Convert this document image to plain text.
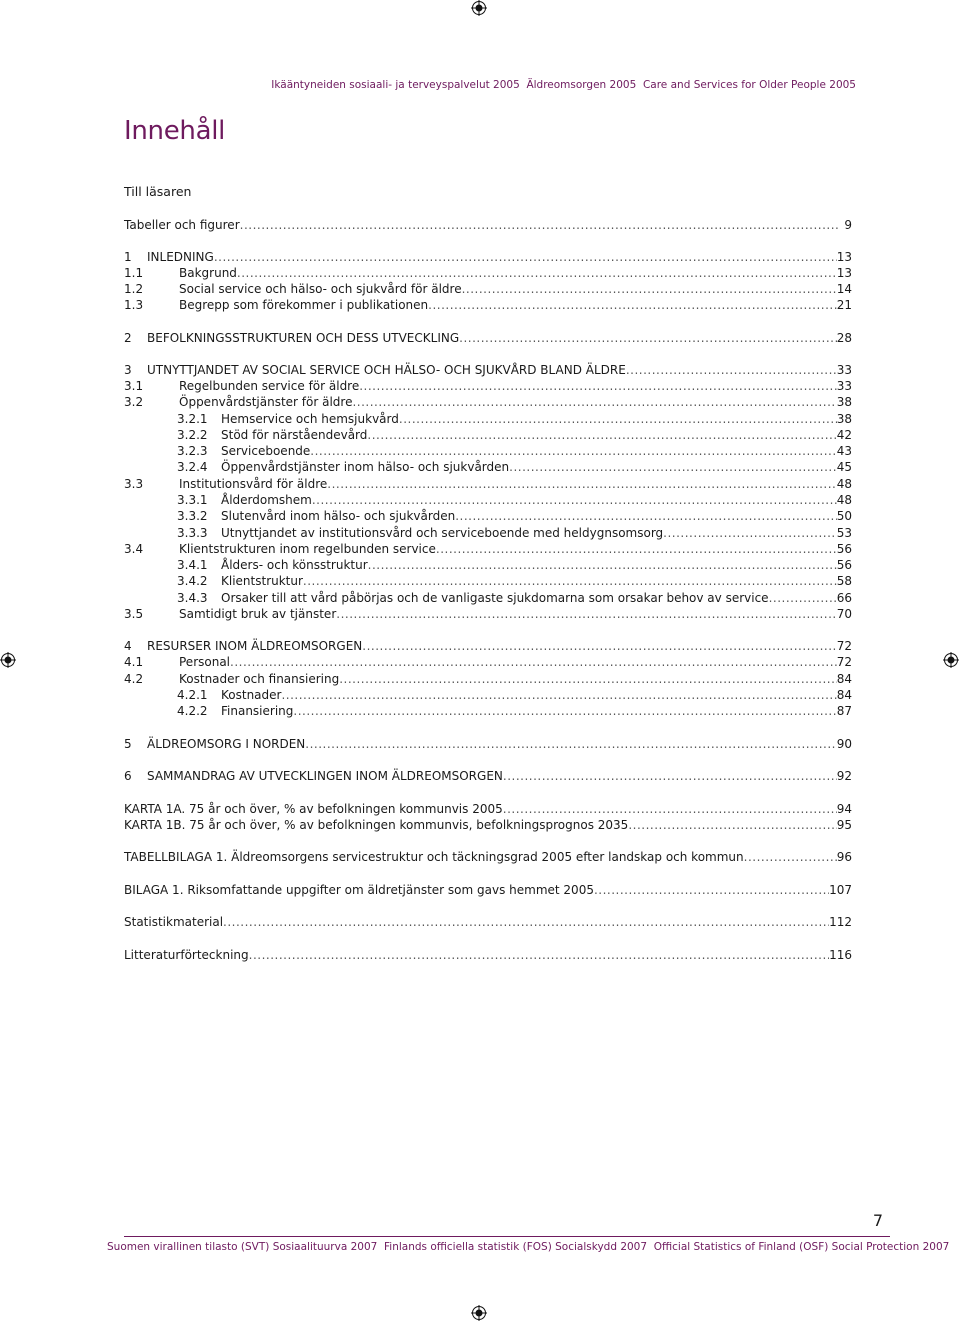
Ikääntyneiden sosiaali- ja terveyspalvelut 2005  Äldreomsorgen 2005  Care and Services for Older People 2005
Innehåll
Till läsaren
Tabeller och figurer .....	9
1	INLEDNING .....	13
1.1	Bakgrund .....	13
1.2	Social service och hälso- och sjukvård för äldre .....	14
1.3	Begrepp som förekommer i publikationen .....	21
2	BEFOLKNINGSSTRUKTUREN OCH DESS UTVECKLING .....	28
3	UTNYTTJANDET AV SOCIAL SERVICE OCH HÄLSO- OCH SJUKVÅRD BLAND ÄLDRE .....	33
3.1	Regelbunden service för äldre .....	33
3.2	Öppenvårdstjänster för äldre .....	38
3.2.1	Hemservice och hemsjukvård .....	38
3.2.2	Stöd för närståendevård .....	42
3.2.3	Serviceboende .....	43
3.2.4	Öppenvårdstjänster inom hälso- och sjukvården .....	45
3.3	Institutionsvård för äldre .....	48
3.3.1	Ålderdomshem .....	48
3.3.2	Slutenvård inom hälso- och sjukvården .....	50
3.3.3	Utnyttjandet av institutionsvård och serviceboende med heldygnsomsorg .....	53
3.4	Klientstrukturen inom regelbunden service .....	56
3.4.1	Ålders- och könsstruktur .....	56
3.4.2	Klientstruktur .....	58
3.4.3	Orsaker till att vård påbörjas och de vanligaste sjukdomarna som orsakar behov av service .....	66
3.5	Samtidigt bruk av tjänster .....	70
4	RESURSER INOM ÄLDREOMSORGEN .....	72
4.1	Personal .....	72
4.2	Kostnader och finansiering .....	84
4.2.1	Kostnader .....	84
4.2.2	Finansiering .....	87
5	ÄLDREOMSORG I NORDEN .....	90
6	SAMMANDRAG AV UTVECKLINGEN INOM ÄLDREOMSORGEN .....	92
KARTA 1A. 75 år och över, % av befolkningen kommunvis 2005 .....	94
KARTA 1B. 75 år och över, % av befolkningen kommunvis, befolkningsprognos 2035 .....	95
TABELLBILAGA 1. Äldreomsorgens servicestruktur och täckningsgrad 2005 efter landskap och kommun .....	96
BILAGA 1. Riksomfattande uppgifter om äldretjänster som gavs hemmet 2005 .....	107
Statistikmaterial .....	112
Litteraturförteckning .....	116
7
Suomen virallinen tilasto (SVT) Sosiaalituurva 2007  Finlands officiella statistik (FOS) Socialskydd 2007  Official Statistics of Finland (OSF) Social Protection 2007
